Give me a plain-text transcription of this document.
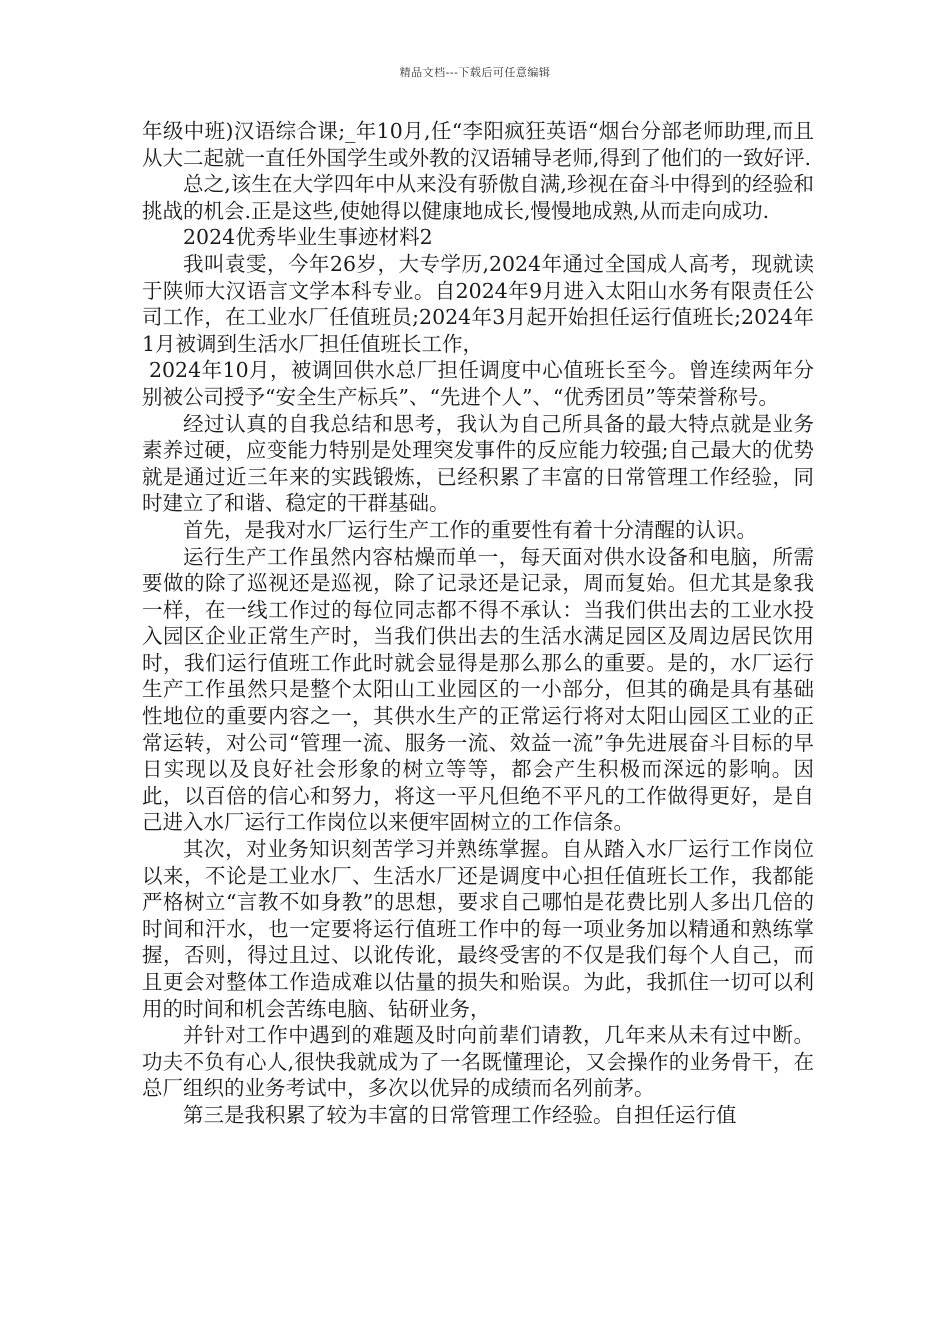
精品文档---下载后可任意编辑

年级中班)汉语综合课;_年10月,任“李阳疯狂英语“烟台分部老师助理,而且从大二起就一直任外国学生或外教的汉语辅导老师,得到了他们的一致好评.

总之,该生在大学四年中从来没有骄傲自满,珍视在奋斗中得到的经验和挑战的机会.正是这些,使她得以健康地成长,慢慢地成熟,从而走向成功.

2024优秀毕业生事迹材料2

我叫袁雯，今年26岁，大专学历,2024年通过全国成人高考，现就读于陕师大汉语言文学本科专业。自2024年9月进入太阳山水务有限责任公司工作，在工业水厂任值班员;2024年3月起开始担任运行值班长;2024年1月被调到生活水厂担任值班长工作，

2024年10月，被调回供水总厂担任调度中心值班长至今。曾连续两年分别被公司授予“安全生产标兵”、“先进个人”、“优秀团员”等荣誉称号。

经过认真的自我总结和思考，我认为自己所具备的最大特点就是业务素养过硬，应变能力特别是处理突发事件的反应能力较强;自己最大的优势就是通过近三年来的实践锻炼，已经积累了丰富的日常管理工作经验，同时建立了和谐、稳定的干群基础。

首先，是我对水厂运行生产工作的重要性有着十分清醒的认识。

运行生产工作虽然内容枯燥而单一，每天面对供水设备和电脑，所需要做的除了巡视还是巡视，除了记录还是记录，周而复始。但尤其是象我一样，在一线工作过的每位同志都不得不承认：当我们供出去的工业水投入园区企业正常生产时，当我们供出去的生活水满足园区及周边居民饮用时，我们运行值班工作此时就会显得是那么那么的重要。是的，水厂运行生产工作虽然只是整个太阳山工业园区的一小部分，但其的确是具有基础性地位的重要内容之一，其供水生产的正常运行将对太阳山园区工业的正常运转，对公司“管理一流、服务一流、效益一流”争先进展奋斗目标的早日实现以及良好社会形象的树立等等，都会产生积极而深远的影响。因此，以百倍的信心和努力，将这一平凡但绝不平凡的工作做得更好，是自己进入水厂运行工作岗位以来便牢固树立的工作信条。

其次，对业务知识刻苦学习并熟练掌握。自从踏入水厂运行工作岗位以来，不论是工业水厂、生活水厂还是调度中心担任值班长工作，我都能严格树立“言教不如身教”的思想，要求自己哪怕是花费比别人多出几倍的时间和汗水，也一定要将运行值班工作中的每一项业务加以精通和熟练掌握，否则，得过且过、以讹传讹，最终受害的不仅是我们每个人自己，而且更会对整体工作造成难以估量的损失和贻误。为此，我抓住一切可以利用的时间和机会苦练电脑、钻研业务，

并针对工作中遇到的难题及时向前辈们请教，几年来从未有过中断。功夫不负有心人,很快我就成为了一名既懂理论，又会操作的业务骨干，在总厂组织的业务考试中，多次以优异的成绩而名列前茅。

第三是我积累了较为丰富的日常管理工作经验。自担任运行值
